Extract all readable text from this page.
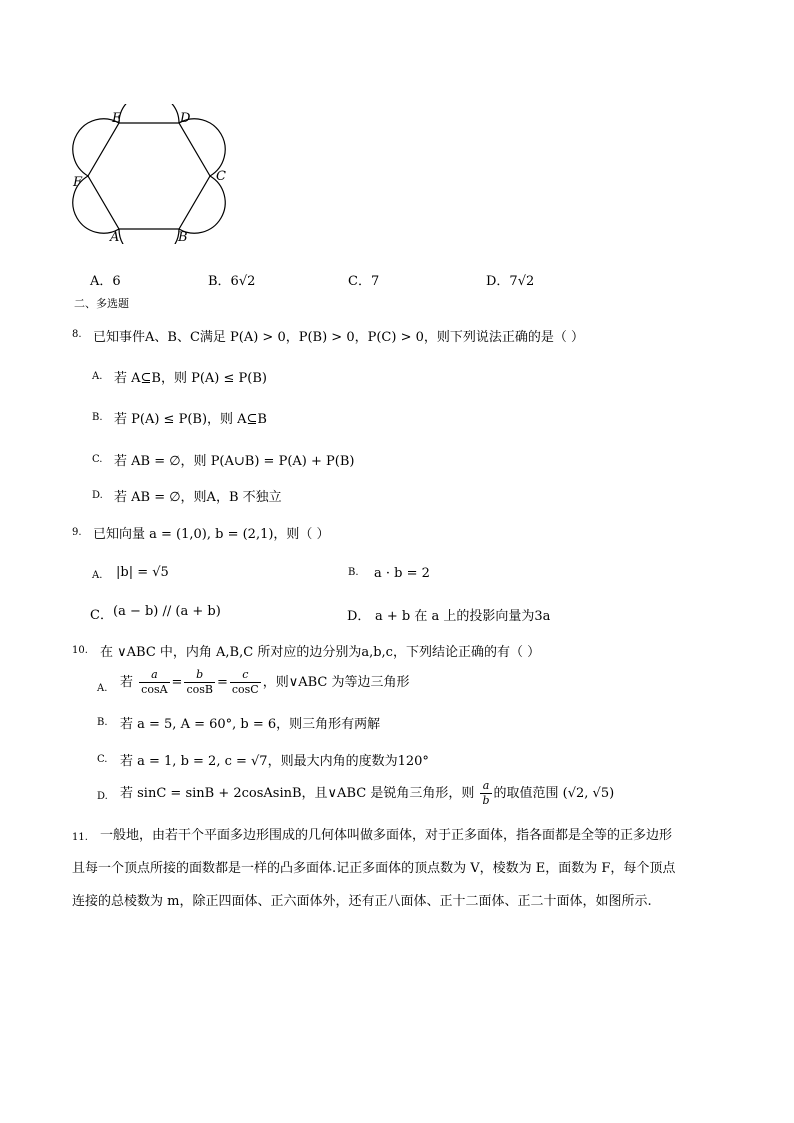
A	B
C
D
E
F
A．6	B．6√2	C．7	D．7√2
二、多选题
8. 已知事件A、B、C满足 P(A) > 0，P(B) > 0，P(C) > 0，则下列说法正确的是（ ）
A. 若 A⊆B，则 P(A) ≤ P(B)
B. 若 P(A) ≤ P(B)，则 A⊆B
C. 若 AB = ∅，则 P(A∪B) = P(A) + P(B)
D. 若 AB = ∅，则A，B 不独立
9. 已知向量 a = (1,0), b = (2,1)，则（ ）
A. |b| = √5	B. a · b = 2
C． (a − b) // (a + b)	D． a + b 在 a 上的投影向量为3a
10. 在 ∨ABC 中，内角 A,B,C 所对应的边分别为a,b,c，下列结论正确的有（ ）
A. 若 $\frac{a}{\cos A} = \frac{b}{\cos B} = \frac{c}{\cos C}$ ，则∨ABC 为等边三角形
B. 若 a = 5, A = 60°, b = 6，则三角形有两解
C. 若 a = 1, b = 2, c = √7，则最大内角的度数为120°
D. 若 sinC = sinB + 2cosAsinB，且∨ABC 是锐角三角形，则 $\frac{a}{b}$ 的取值范围 (√2, √5)
11. 一般地，由若干个平面多边形围成的几何体叫做多面体，对于正多面体，指各面都是全等的正多边形
且每一个顶点所接的面数都是一样的凸多面体.记正多面体的顶点数为 V，棱数为 E，面数为 F，每个顶点
连接的总棱数为 m，除正四面体、正六面体外，还有正八面体、正十二面体、正二十面体，如图所示.
